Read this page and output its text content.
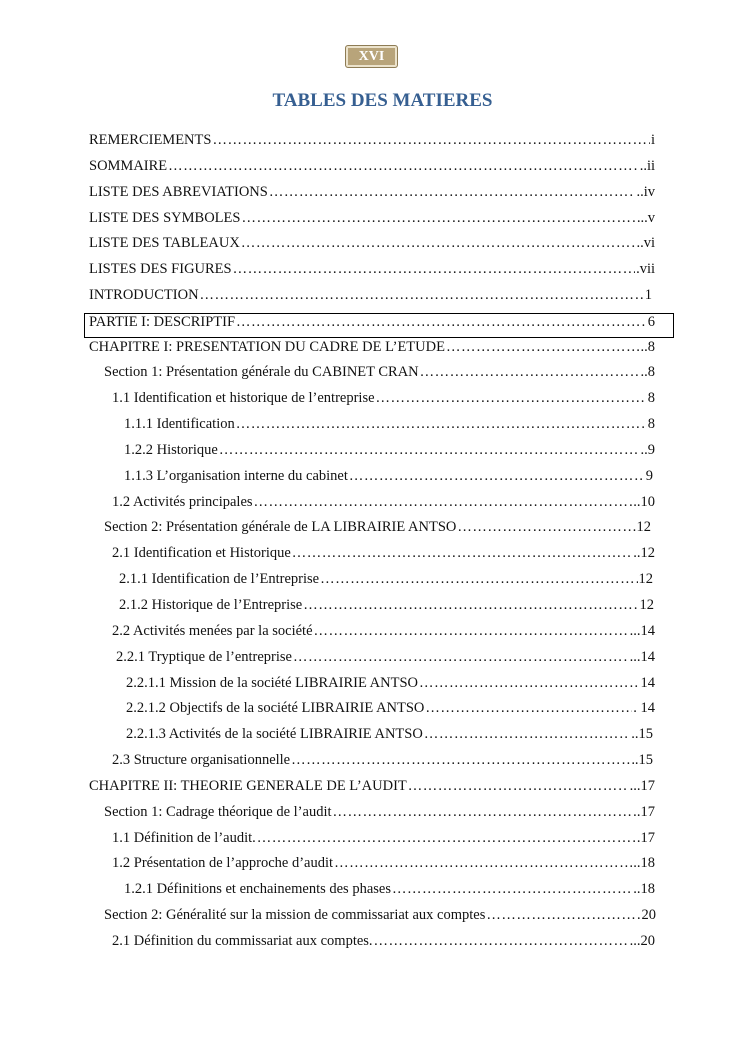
XVI
TABLES DES MATIERES
REMERCIEMENTS ……………………………………………………………………………………………………………………………………………………………………………………………	i
SOMMAIRE ……………………………………………………………………………………………………………………………………………………………………………………………	..ii
LISTE DES ABREVIATIONS ……………………………………………………………………………………………………………………………………………………………………………………………	..iv
LISTE DES SYMBOLES ……………………………………………………………………………………………………………………………………………………………………………………………	..v
LISTE DES TABLEAUX ……………………………………………………………………………………………………………………………………………………………………………………………	..vi
LISTES DES FIGURES ……………………………………………………………………………………………………………………………………………………………………………………………	.vii
INTRODUCTION ……………………………………………………………………………………………………………………………………………………………………………………………	1
PARTIE I: DESCRIPTIF ……………………………………………………………………………………………………………………………………………………………………………………………	6
CHAPITRE I: PRESENTATION DU CADRE DE L’ETUDE ……………………………………………………………………………………………………………………………………………………………………………………………	..8
Section 1: Présentation générale du CABINET CRAN ……………………………………………………………………………………………………………………………………………………………………………………………	..8
1.1 Identification et historique de l’entreprise ……………………………………………………………………………………………………………………………………………………………………………………………	8
1.1.1 Identification ……………………………………………………………………………………………………………………………………………………………………………………………	8
1.2.2 Historique ……………………………………………………………………………………………………………………………………………………………………………………………	..9
1.1.3 L’organisation interne du cabinet ……………………………………………………………………………………………………………………………………………………………………………………………	9
1.2 Activités principales ……………………………………………………………………………………………………………………………………………………………………………………………	..10
Section 2: Présentation générale de LA LIBRAIRIE ANTSO ……………………………………………………………………………………………………………………………………………………………………………………………	12
2.1 Identification et Historique ……………………………………………………………………………………………………………………………………………………………………………………………	..12
2.1.1 Identification de l’Entreprise ……………………………………………………………………………………………………………………………………………………………………………………………	12
2.1.2 Historique de l’Entreprise ……………………………………………………………………………………………………………………………………………………………………………………………	12
2.2 Activités menées par la société ……………………………………………………………………………………………………………………………………………………………………………………………	...14
2.2.1 Tryptique de l’entreprise ……………………………………………………………………………………………………………………………………………………………………………………………	...14
2.2.1.1 Mission de la société LIBRAIRIE ANTSO ……………………………………………………………………………………………………………………………………………………………………………………………	14
2.2.1.2 Objectifs de la société LIBRAIRIE ANTSO ……………………………………………………………………………………………………………………………………………………………………………………………	. 14
2.2.1.3 Activités de la société LIBRAIRIE ANTSO ……………………………………………………………………………………………………………………………………………………………………………………………	..15
2.3 Structure organisationnelle ……………………………………………………………………………………………………………………………………………………………………………………………	.15
CHAPITRE II: THEORIE GENERALE DE L’AUDIT ……………………………………………………………………………………………………………………………………………………………………………………………	...17
Section 1: Cadrage théorique de l’audit ……………………………………………………………………………………………………………………………………………………………………………………………	.17
1.1 Définition de l’audit. ……………………………………………………………………………………………………………………………………………………………………………………………	.17
1.2 Présentation de l’approche d’audit ……………………………………………………………………………………………………………………………………………………………………………………………	..18
1.2.1 Définitions et enchainements des phases ……………………………………………………………………………………………………………………………………………………………………………………………	..18
Section 2: Généralité sur la mission de commissariat aux comptes ……………………………………………………………………………………………………………………………………………………………………………………………	20
2.1 Définition du commissariat aux comptes. ……………………………………………………………………………………………………………………………………………………………………………………………	...20
